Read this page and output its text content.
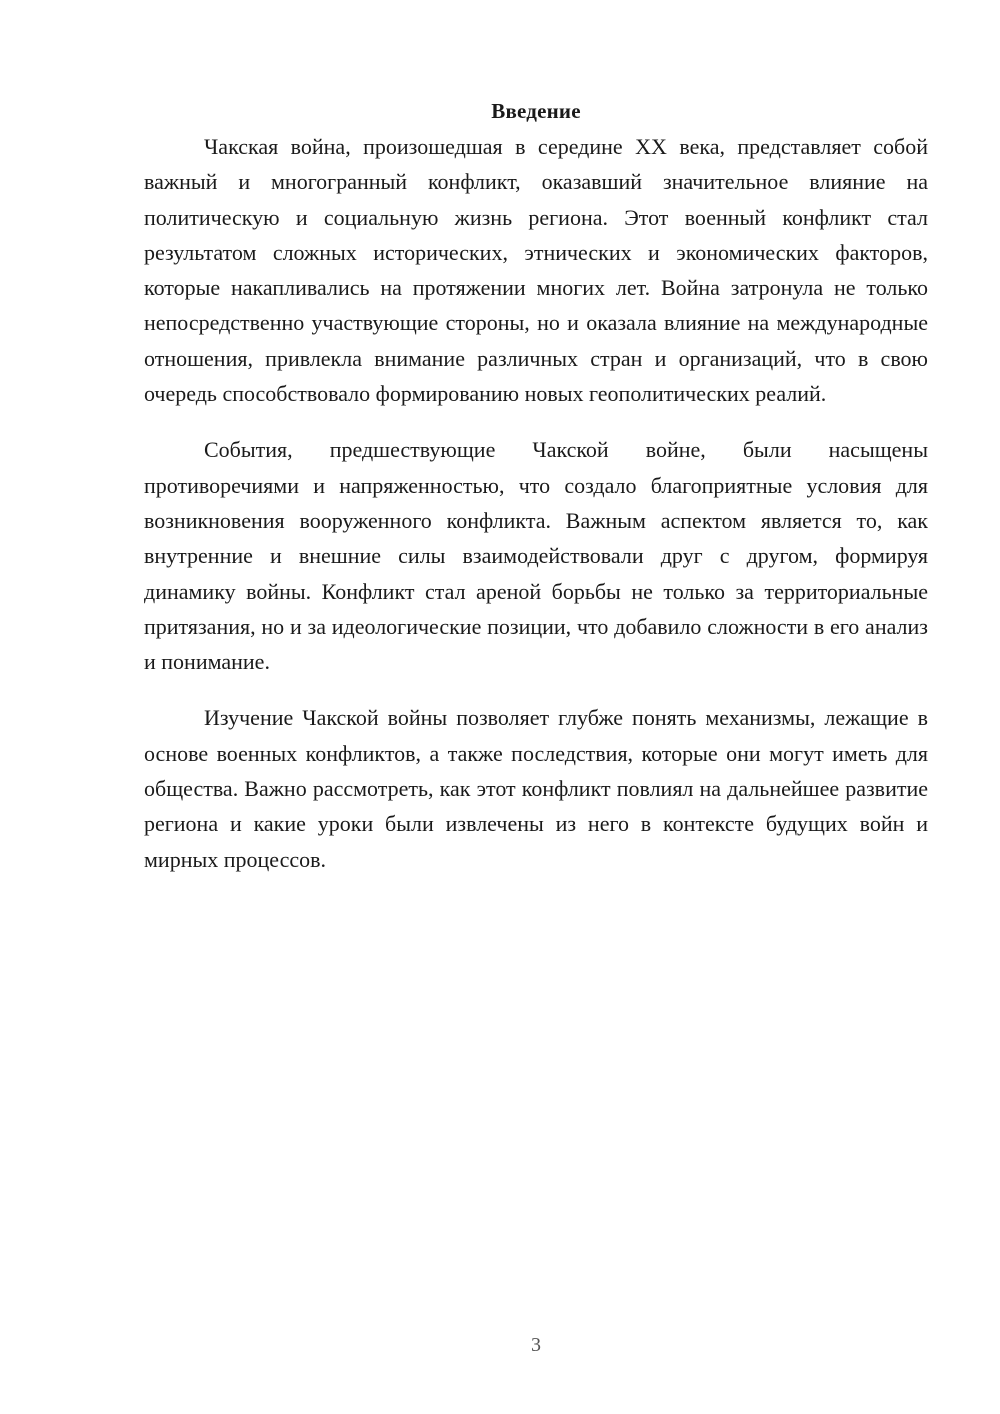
Введение

Чакская война, произошедшая в середине XX века, представляет собой важный и многогранный конфликт, оказавший значительное влияние на политическую и социальную жизнь региона. Этот военный конфликт стал результатом сложных исторических, этнических и экономических факторов, которые накапливались на протяжении многих лет. Война затронула не только непосредственно участвующие стороны, но и оказала влияние на международные отношения, привлекла внимание различных стран и организаций, что в свою очередь способствовало формированию новых геополитических реалий.

События, предшествующие Чакской войне, были насыщены противоречиями и напряженностью, что создало благоприятные условия для возникновения вооруженного конфликта. Важным аспектом является то, как внутренние и внешние силы взаимодействовали друг с другом, формируя динамику войны. Конфликт стал ареной борьбы не только за территориальные притязания, но и за идеологические позиции, что добавило сложности в его анализ и понимание.

Изучение Чакской войны позволяет глубже понять механизмы, лежащие в основе военных конфликтов, а также последствия, которые они могут иметь для общества. Важно рассмотреть, как этот конфликт повлиял на дальнейшее развитие региона и какие уроки были извлечены из него в контексте будущих войн и мирных процессов.

3
